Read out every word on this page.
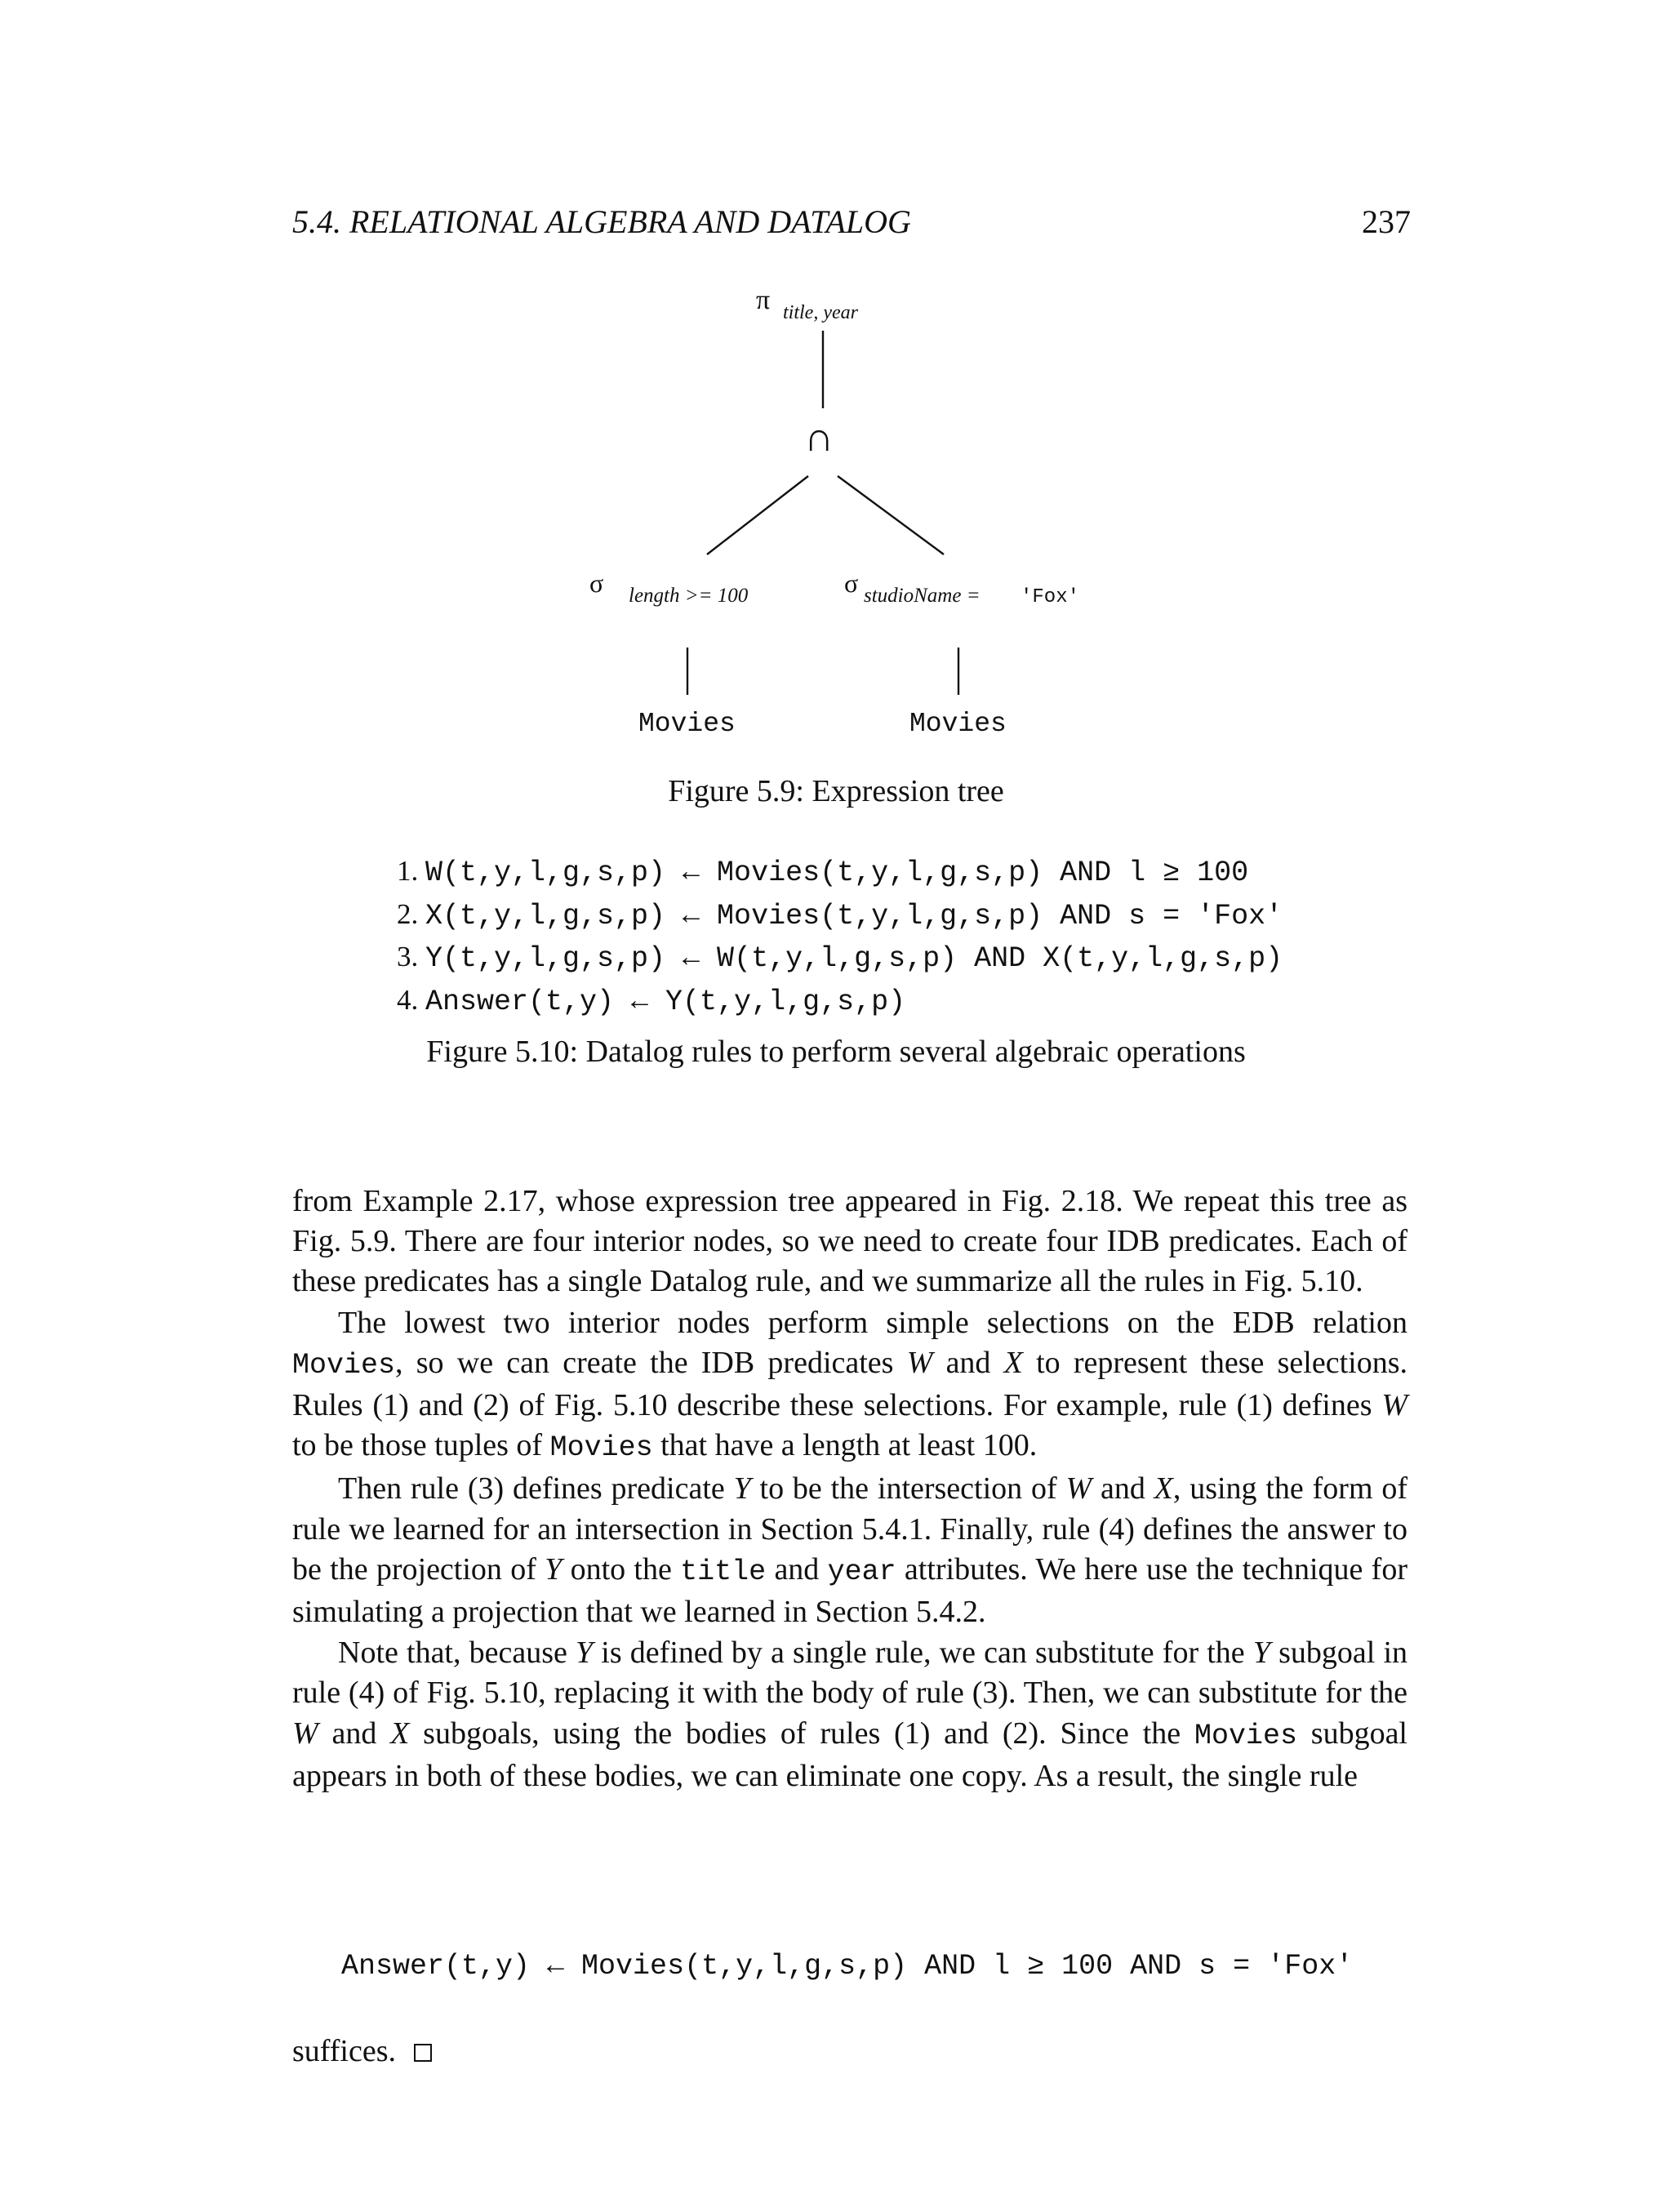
5.4. RELATIONAL ALGEBRA AND DATALOG	237
π title, year
∩
σ length >= 100	σ studioName = 'Fox'
Movies	Movies
Figure 5.9: Expression tree
1. W(t,y,l,g,s,p) ← Movies(t,y,l,g,s,p) AND l ≥ 100
2. X(t,y,l,g,s,p) ← Movies(t,y,l,g,s,p) AND s = 'Fox'
3. Y(t,y,l,g,s,p) ← W(t,y,l,g,s,p) AND X(t,y,l,g,s,p)
4. Answer(t,y) ← Y(t,y,l,g,s,p)
Figure 5.10: Datalog rules to perform several algebraic operations

from Example 2.17, whose expression tree appeared in Fig. 2.18. We repeat this tree as Fig. 5.9. There are four interior nodes, so we need to create four IDB predicates. Each of these predicates has a single Datalog rule, and we summarize all the rules in Fig. 5.10.

The lowest two interior nodes perform simple selections on the EDB relation Movies, so we can create the IDB predicates W and X to represent these selections. Rules (1) and (2) of Fig. 5.10 describe these selections. For example, rule (1) defines W to be those tuples of Movies that have a length at least 100.

Then rule (3) defines predicate Y to be the intersection of W and X, using the form of rule we learned for an intersection in Section 5.4.1. Finally, rule (4) defines the answer to be the projection of Y onto the title and year attributes. We here use the technique for simulating a projection that we learned in Section 5.4.2.

Note that, because Y is defined by a single rule, we can substitute for the Y subgoal in rule (4) of Fig. 5.10, replacing it with the body of rule (3). Then, we can substitute for the W and X subgoals, using the bodies of rules (1) and (2). Since the Movies subgoal appears in both of these bodies, we can eliminate one copy. As a result, the single rule

Answer(t,y) ← Movies(t,y,l,g,s,p) AND l ≥ 100 AND s = 'Fox'
suffices.
